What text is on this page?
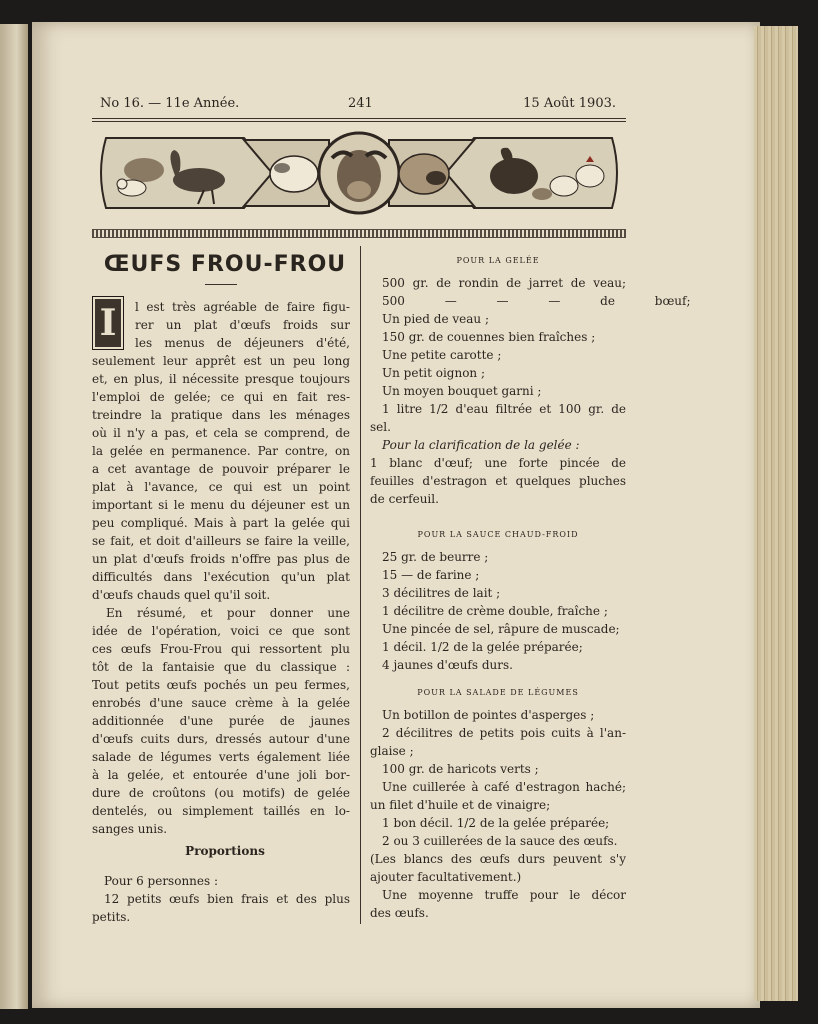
No 16. — 11e Année.	241	15 Août 1903.
ŒUFS FROU-FROU
I	l est très agréable de faire figu-
rer un plat d'œufs froids sur
les menus de déjeuners d'été,

seulement leur apprêt est un peu long
et, en plus, il nécessite presque toujours
l'emploi de gelée; ce qui en fait res-
treindre la pratique dans les ménages
où il n'y a pas, et cela se comprend, de
la gelée en permanence. Par contre, on
a cet avantage de pouvoir préparer le
plat à l'avance, ce qui est un point
important si le menu du déjeuner est un
peu compliqué. Mais à part la gelée qui
se fait, et doit d'ailleurs se faire la veille,
un plat d'œufs froids n'offre pas plus de
difficultés dans l'exécution qu'un plat
d'œufs chauds quel qu'il soit.
En résumé, et pour donner une
idée de l'opération, voici ce que sont
ces œufs Frou-Frou qui ressortent plu
tôt de la fantaisie que du classique :
Tout petits œufs pochés un peu fermes,
enrobés d'une sauce crème à la gelée
additionnée d'une purée de jaunes
d'œufs cuits durs, dressés autour d'une
salade de légumes verts également liée
à la gelée, et entourée d'une joli bor-
dure de croûtons (ou motifs) de gelée
dentelés, ou simplement taillés en lo-
sanges unis.

Proportions

Pour 6 personnes :
12 petits œufs bien frais et des plus
petits.

POUR LA GELÉE

500 gr. de rondin de jarret de veau;
500 — — — de bœuf;
Un pied de veau ;
150 gr. de couennes bien fraîches ;
Une petite carotte ;
Un petit oignon ;
Un moyen bouquet garni ;
1 litre 1/2 d'eau filtrée et 100 gr. de
sel.
Pour la clarification de la gelée :
1 blanc d'œuf; une forte pincée de
feuilles d'estragon et quelques pluches
de cerfeuil.

POUR LA SAUCE CHAUD-FROID

25 gr. de beurre ;
15 — de farine ;
3 décilitres de lait ;
1 décilitre de crème double, fraîche ;
Une pincée de sel, râpure de muscade;
1 décil. 1/2 de la gelée préparée;
4 jaunes d'œufs durs.

POUR LA SALADE DE LÉGUMES

Un botillon de pointes d'asperges ;
2 décilitres de petits pois cuits à l'an-
glaise ;
100 gr. de haricots verts ;
Une cuillerée à café d'estragon haché;
un filet d'huile et de vinaigre;
1 bon décil. 1/2 de la gelée préparée;
2 ou 3 cuillerées de la sauce des œufs.
(Les blancs des œufs durs peuvent s'y
ajouter facultativement.)
Une moyenne truffe pour le décor
des œufs.
